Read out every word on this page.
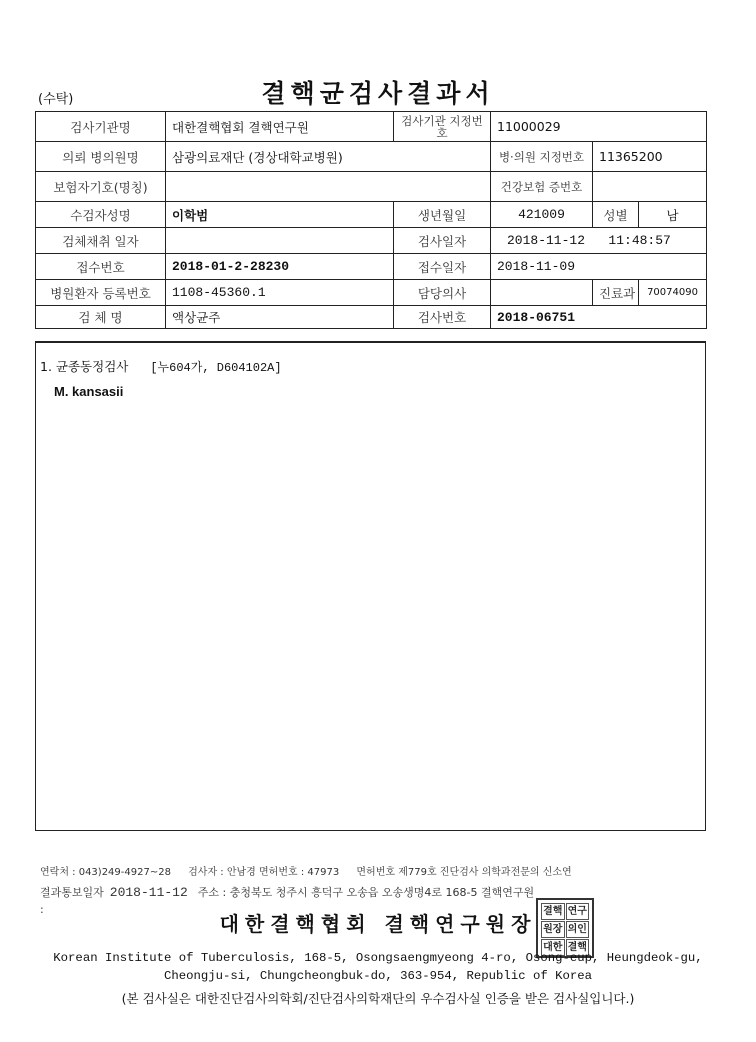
(수탁)	결핵균검사결과서
검사기관명	대한결핵협회 결핵연구원	검사기관 지정번호	11000029		
의뢰 병의원명	삼광의료재단 (경상대학교병원)		병·의원 지정번호	11365200	
보험자기호(명칭)			건강보험 증번호		
수검자성명	이학범	생년월일	421009	성별	남
검체채취 일자		검사일자	2018-11-12   11:48:57		
접수번호	2018-01-2-28230	접수일자	2018-11-09		
병원환자 등록번호	1108-45360.1	담당의사		진료과	70074090
검 체 명	액상균주	검사번호	2018-06751		
1. 균종동정검사 [누604가, D604102A]
M. kansasii
연락처 : 043)249-4927~28 검사자 : 안남경 면허번호 : 47973 면허번호 제779호 진단검사 의학과전문의 신소연
결과통보일자 2018-11-12 주소 : 충청북도 청주시 흥덕구 오송읍 오송생명4로 168-5 결핵연구원
:
대한결핵협회 결핵연구원장
결핵 연구
원장 의인
대한 결핵
Korean Institute of Tuberculosis, 168-5, Osongsaengmyeong 4-ro, Osong-eup, Heungdeok-gu,
Cheongju-si, Chungcheongbuk-do, 363-954, Republic of Korea
(본 검사실은 대한진단검사의학회/진단검사의학재단의 우수검사실 인증을 받은 검사실입니다.)
